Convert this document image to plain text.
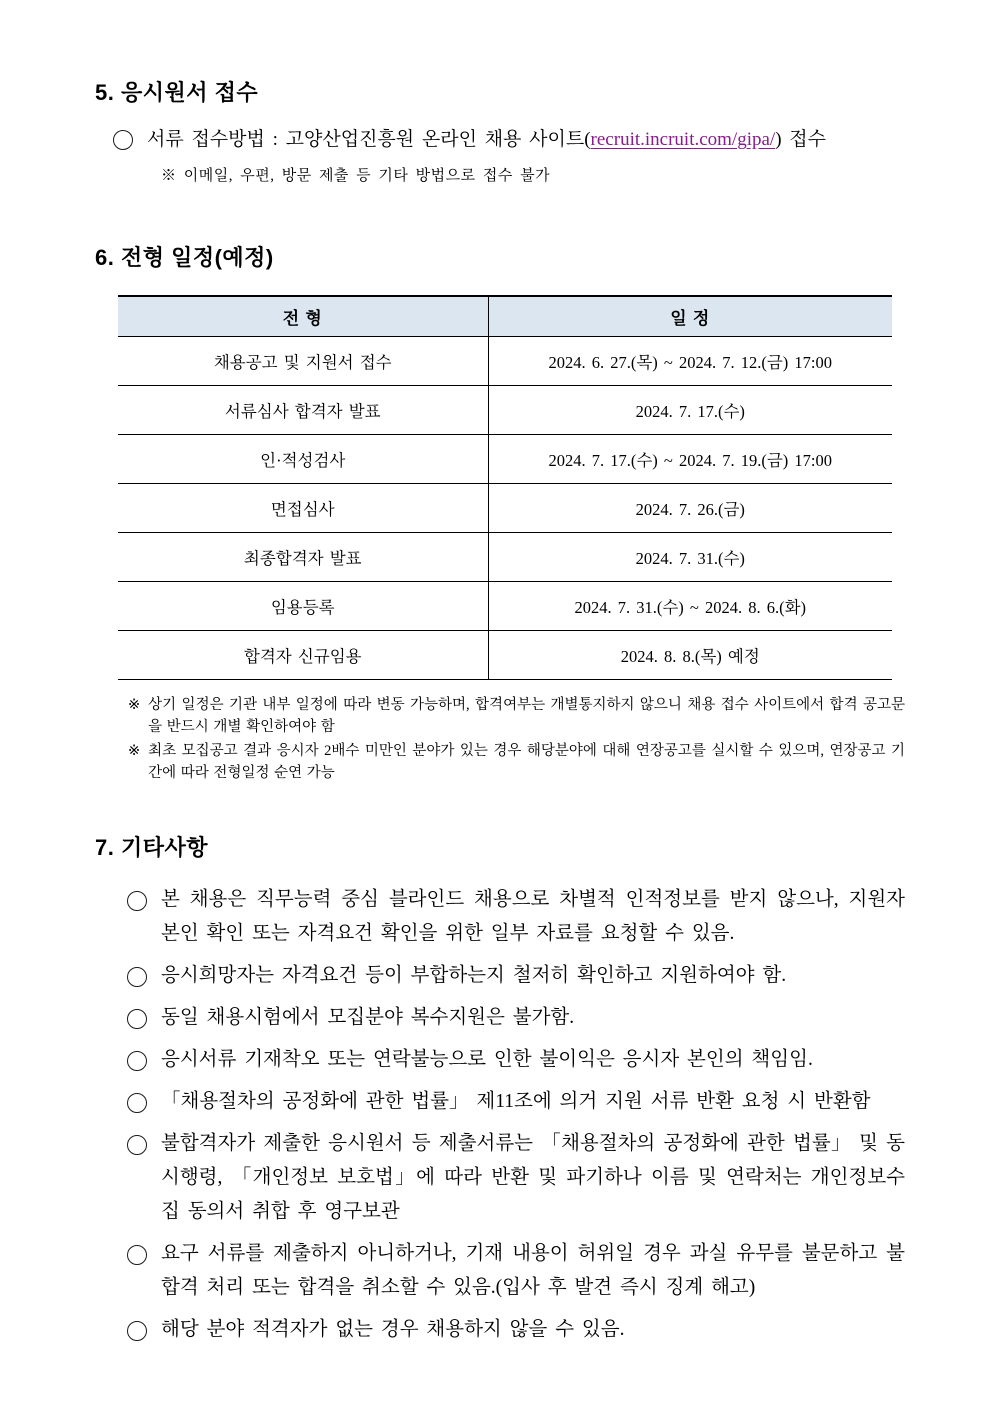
5. 응시원서 접수

서류 접수방법 : 고양산업진흥원 온라인 채용 사이트(recruit.incruit.com/gipa/) 접수

※ 이메일, 우편, 방문 제출 등 기타 방법으로 접수 불가

6. 전형 일정(예정)
전 형	일 정
채용공고 및 지원서 접수	2024. 6. 27.(목) ~ 2024. 7. 12.(금) 17:00
서류심사 합격자 발표	2024. 7. 17.(수)
인·적성검사	2024. 7. 17.(수) ~ 2024. 7. 19.(금) 17:00
면접심사	2024. 7. 26.(금)
최종합격자 발표	2024. 7. 31.(수)
임용등록	2024. 7. 31.(수) ~ 2024. 8. 6.(화)
합격자 신규임용	2024. 8. 8.(목) 예정
※ 상기 일정은 기관 내부 일정에 따라 변동 가능하며, 합격여부는 개별통지하지 않으니 채용 접수 사이트에서 합격 공고문을 반드시 개별 확인하여야 함

※ 최초 모집공고 결과 응시자 2배수 미만인 분야가 있는 경우 해당분야에 대해 연장공고를 실시할 수 있으며, 연장공고 기간에 따라 전형일정 순연 가능

7. 기타사항

본 채용은 직무능력 중심 블라인드 채용으로 차별적 인적정보를 받지 않으나, 지원자 본인 확인 또는 자격요건 확인을 위한 일부 자료를 요청할 수 있음.

응시희망자는 자격요건 등이 부합하는지 철저히 확인하고 지원하여야 함.

동일 채용시험에서 모집분야 복수지원은 불가함.

응시서류 기재착오 또는 연락불능으로 인한 불이익은 응시자 본인의 책임임.

「채용절차의 공정화에 관한 법률」 제11조에 의거 지원 서류 반환 요청 시 반환함

불합격자가 제출한 응시원서 등 제출서류는 「채용절차의 공정화에 관한 법률」 및 동 시행령, 「개인정보 보호법」에 따라 반환 및 파기하나 이름 및 연락처는 개인정보수집 동의서 취합 후 영구보관

요구 서류를 제출하지 아니하거나, 기재 내용이 허위일 경우 과실 유무를 불문하고 불합격 처리 또는 합격을 취소할 수 있음.(입사 후 발견 즉시 징계 해고)

해당 분야 적격자가 없는 경우 채용하지 않을 수 있음.
